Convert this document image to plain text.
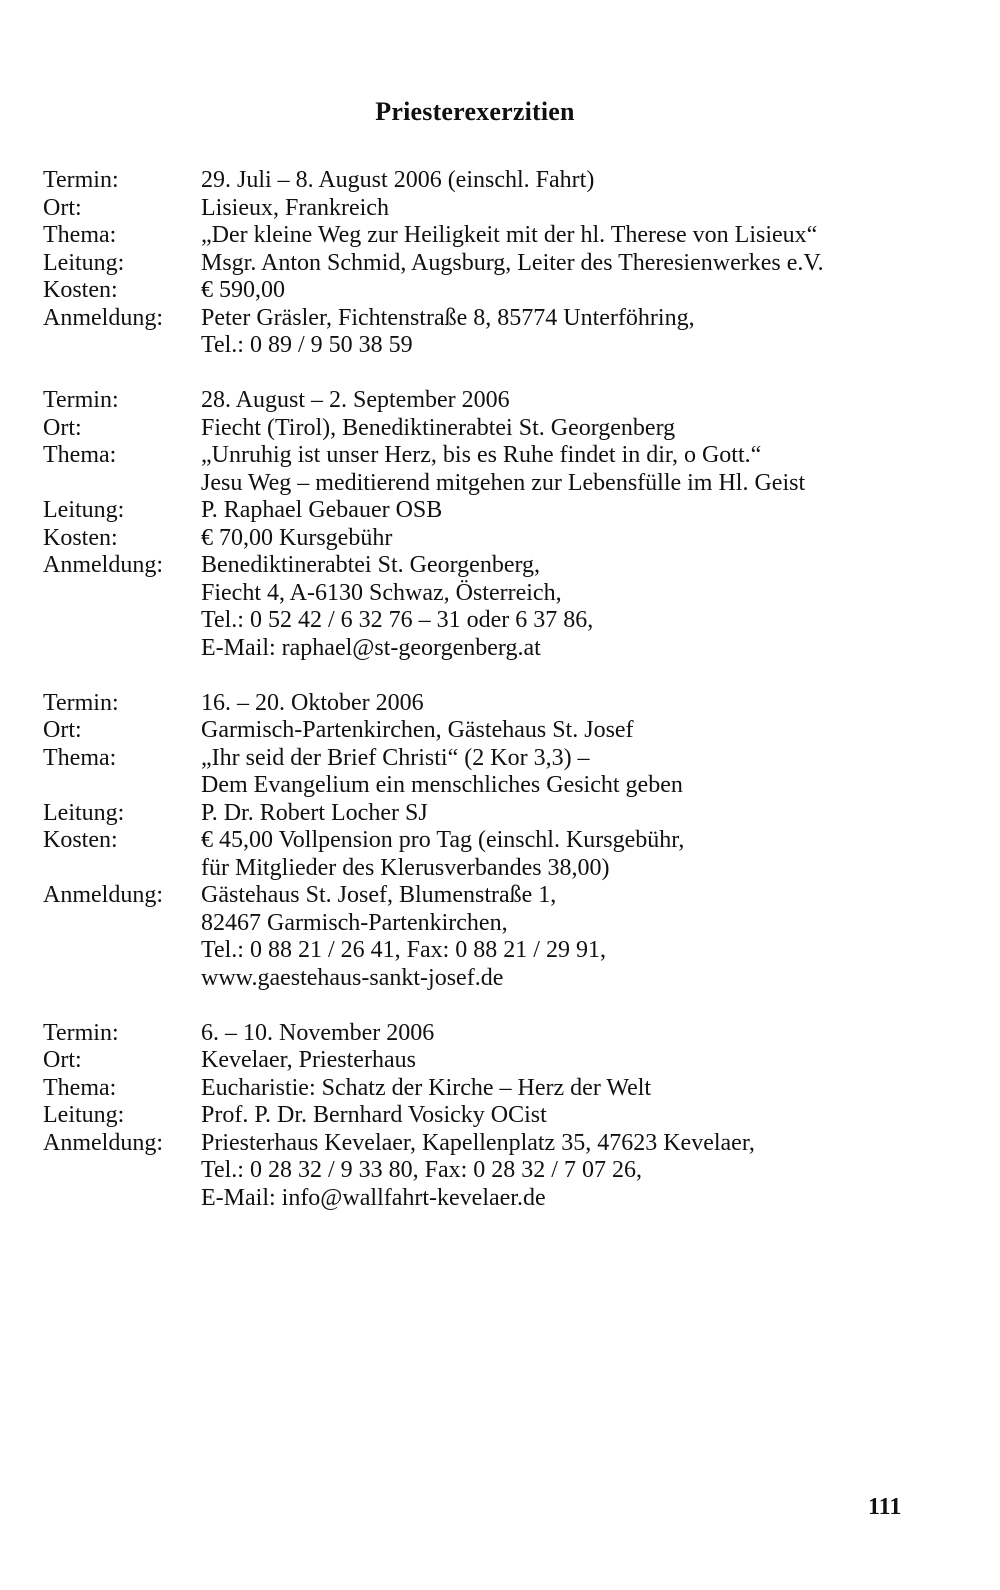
Priesterexerzitien
Termin:	29. Juli – 8. August 2006 (einschl. Fahrt)
Ort:	Lisieux, Frankreich
Thema:	„Der kleine Weg zur Heiligkeit mit der hl. Therese von Lisieux“
Leitung:	Msgr. Anton Schmid, Augsburg, Leiter des Theresienwerkes e.V.
Kosten:	€ 590,00
Anmeldung:	Peter Gräsler, Fichtenstraße 8, 85774 Unterföhring,
Tel.: 0 89 / 9 50 38 59
Termin:	28. August – 2. September 2006
Ort:	Fiecht (Tirol), Benediktinerabtei St. Georgenberg
Thema:	„Unruhig ist unser Herz, bis es Ruhe findet in dir, o Gott.“
Jesu Weg – meditierend mitgehen zur Lebensfülle im Hl. Geist
Leitung:	P. Raphael Gebauer OSB
Kosten:	€ 70,00 Kursgebühr
Anmeldung:	Benediktinerabtei St. Georgenberg,
Fiecht 4, A-6130 Schwaz, Österreich,
Tel.: 0 52 42 / 6 32 76 – 31 oder 6 37 86,
E-Mail: raphael@st-georgenberg.at
Termin:	16. – 20. Oktober 2006
Ort:	Garmisch-Partenkirchen, Gästehaus St. Josef
Thema:	„Ihr seid der Brief Christi“ (2 Kor 3,3) –
Dem Evangelium ein menschliches Gesicht geben
Leitung:	P. Dr. Robert Locher SJ
Kosten:	€ 45,00 Vollpension pro Tag (einschl. Kursgebühr,
für Mitglieder des Klerusverbandes 38,00)
Anmeldung:	Gästehaus St. Josef, Blumenstraße 1,
82467 Garmisch-Partenkirchen,
Tel.: 0 88 21 / 26 41, Fax: 0 88 21 / 29 91,
www.gaestehaus-sankt-josef.de
Termin:	6. – 10. November 2006
Ort:	Kevelaer, Priesterhaus
Thema:	Eucharistie: Schatz der Kirche – Herz der Welt
Leitung:	Prof. P. Dr. Bernhard Vosicky OCist
Anmeldung:	Priesterhaus Kevelaer, Kapellenplatz 35, 47623 Kevelaer,
Tel.: 0 28 32 / 9 33 80, Fax: 0 28 32 / 7 07 26,
E-Mail: info@wallfahrt-kevelaer.de
111
